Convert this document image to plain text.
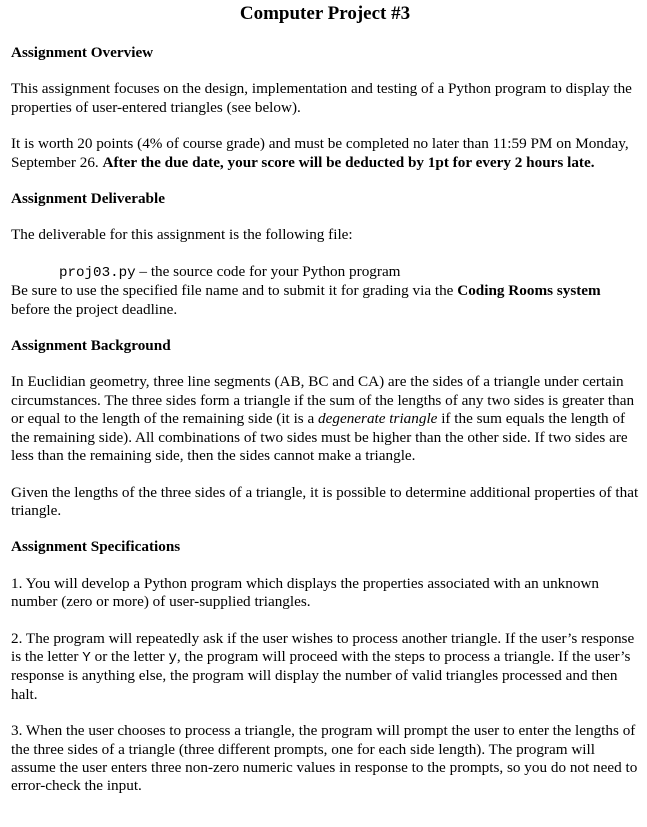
Computer Project #3
Assignment Overview

This assignment focuses on the design, implementation and testing of a Python program to display the properties of user-entered triangles (see below).

It is worth 20 points (4% of course grade) and must be completed no later than 11:59 PM on Monday, September 26. After the due date, your score will be deducted by 1pt for every 2 hours late.

Assignment Deliverable

The deliverable for this assignment is the following file:

proj03.py – the source code for your Python program

Be sure to use the specified file name and to submit it for grading via the Coding Rooms system before the project deadline.

Assignment Background

In Euclidian geometry, three line segments (AB, BC and CA) are the sides of a triangle under certain circumstances. The three sides form a triangle if the sum of the lengths of any two sides is greater than or equal to the length of the remaining side (it is a degenerate triangle if the sum equals the length of the remaining side). All combinations of two sides must be higher than the other side. If two sides are less than the remaining side, then the sides cannot make a triangle.

Given the lengths of the three sides of a triangle, it is possible to determine additional properties of that triangle.

Assignment Specifications

1. You will develop a Python program which displays the properties associated with an unknown number (zero or more) of user-supplied triangles.

2. The program will repeatedly ask if the user wishes to process another triangle. If the user’s response is the letter Y or the letter y, the program will proceed with the steps to process a triangle. If the user’s response is anything else, the program will display the number of valid triangles processed and then halt.

3. When the user chooses to process a triangle, the program will prompt the user to enter the lengths of the three sides of a triangle (three different prompts, one for each side length). The program will assume the user enters three non-zero numeric values in response to the prompts, so you do not need to error-check the input.
